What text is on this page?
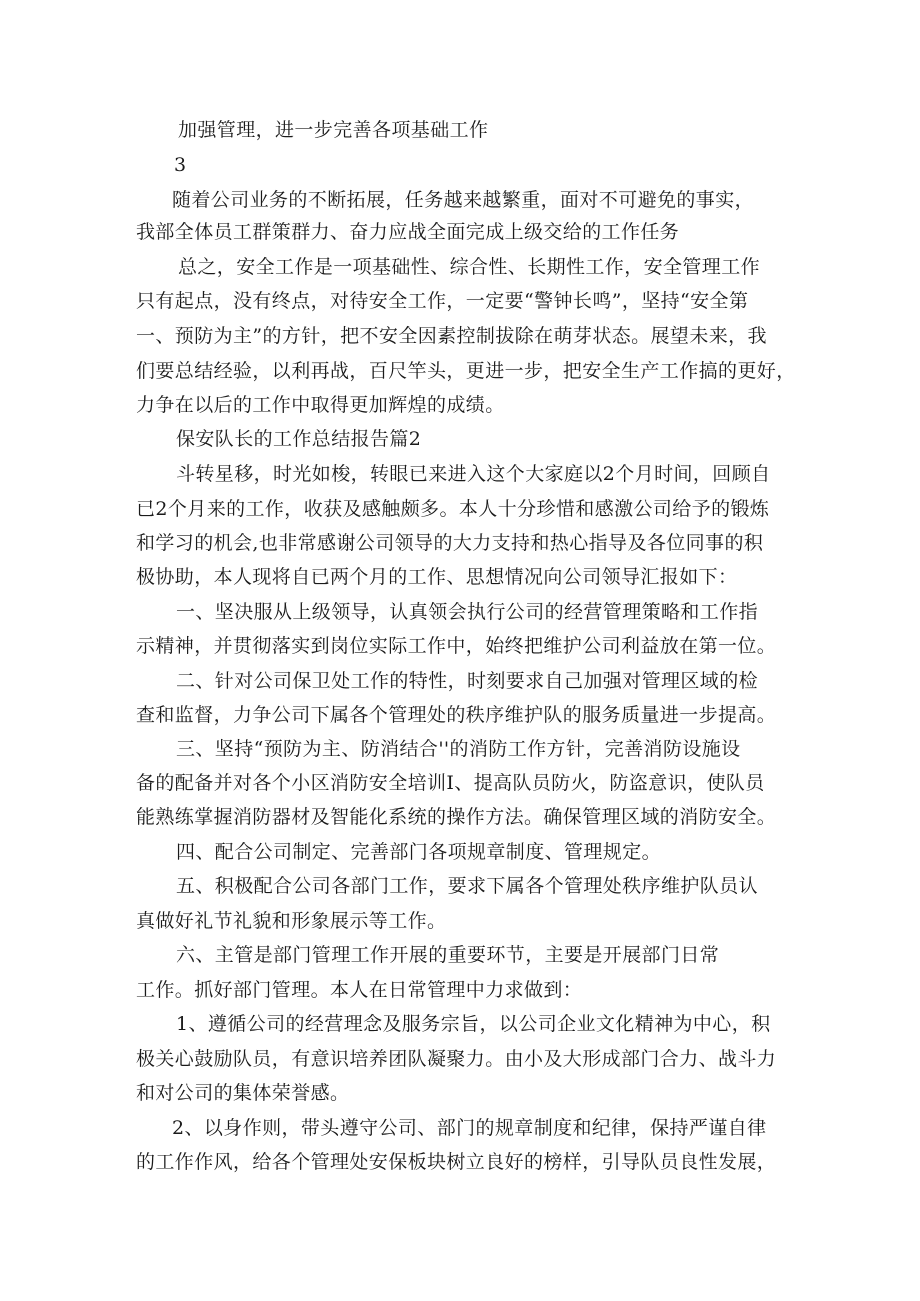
加强管理，进一步完善各项基础工作
3
随着公司业务的不断拓展，任务越来越繁重，面对不可避免的事实，
我部全体员工群策群力、奋力应战全面完成上级交给的工作任务
总之，安全工作是一项基础性、综合性、长期性工作，安全管理工作
只有起点，没有终点，对待安全工作，一定要“警钟长鸣”，坚持“安全第
一、预防为主”的方针，把不安全因素控制拔除在萌芽状态。展望未来，我
们要总结经验，以利再战，百尺竿头，更进一步，把安全生产工作搞的更好，
力争在以后的工作中取得更加辉煌的成绩。
保安队长的工作总结报告篇2
斗转星移，时光如梭，转眼已来进入这个大家庭以2个月时间，回顾自
已2个月来的工作，收获及感触颇多。本人十分珍惜和感激公司给予的锻炼
和学习的机会,也非常感谢公司领导的大力支持和热心指导及各位同事的积
极协助，本人现将自已两个月的工作、思想情况向公司领导汇报如下：
一、坚决服从上级领导，认真领会执行公司的经营管理策略和工作指
示精神，并贯彻落实到岗位实际工作中，始终把维护公司利益放在第一位。
二、针对公司保卫处工作的特性，时刻要求自己加强对管理区域的检
查和监督，力争公司下属各个管理处的秩序维护队的服务质量进一步提高。
三、坚持“预防为主、防消结合''的消防工作方针，完善消防设施设
备的配备并对各个小区消防安全培训I、提高队员防火，防盗意识，使队员
能熟练掌握消防器材及智能化系统的操作方法。确保管理区域的消防安全。
四、配合公司制定、完善部门各项规章制度、管理规定。
五、积极配合公司各部门工作，要求下属各个管理处秩序维护队员认
真做好礼节礼貌和形象展示等工作。
六、主管是部门管理工作开展的重要环节，主要是开展部门日常
工作。抓好部门管理。本人在日常管理中力求做到：
1、遵循公司的经营理念及服务宗旨，以公司企业文化精神为中心，积
极关心鼓励队员，有意识培养团队凝聚力。由小及大形成部门合力、战斗力
和对公司的集体荣誉感。
2、以身作则，带头遵守公司、部门的规章制度和纪律，保持严谨自律
的工作作风，给各个管理处安保板块树立良好的榜样，引导队员良性发展，
